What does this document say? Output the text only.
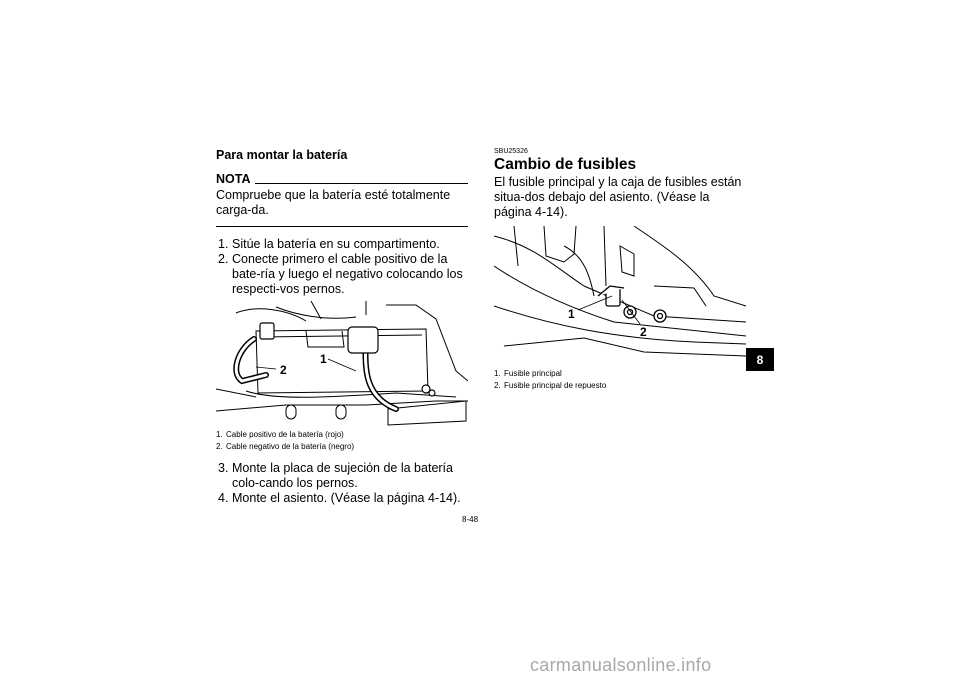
Para montar la batería
NOTA
Compruebe que la batería esté totalmente carga-da.
1. Sitúe la batería en su compartimento.
2. Conecte primero el cable positivo de la bate-ría y luego el negativo colocando los respecti-vos pernos.
2
1
1. Cable positivo de la batería (rojo)
2. Cable negativo de la batería (negro)
3. Monte la placa de sujeción de la batería colo-cando los pernos.
4. Monte el asiento. (Véase la página 4-14).
SBU25326
Cambio de fusibles
El fusible principal y la caja de fusibles están situa-dos debajo del asiento. (Véase la página 4-14).
1
2
1. Fusible principal
2. Fusible principal de repuesto
8
8-48
carmanualsonline.info
